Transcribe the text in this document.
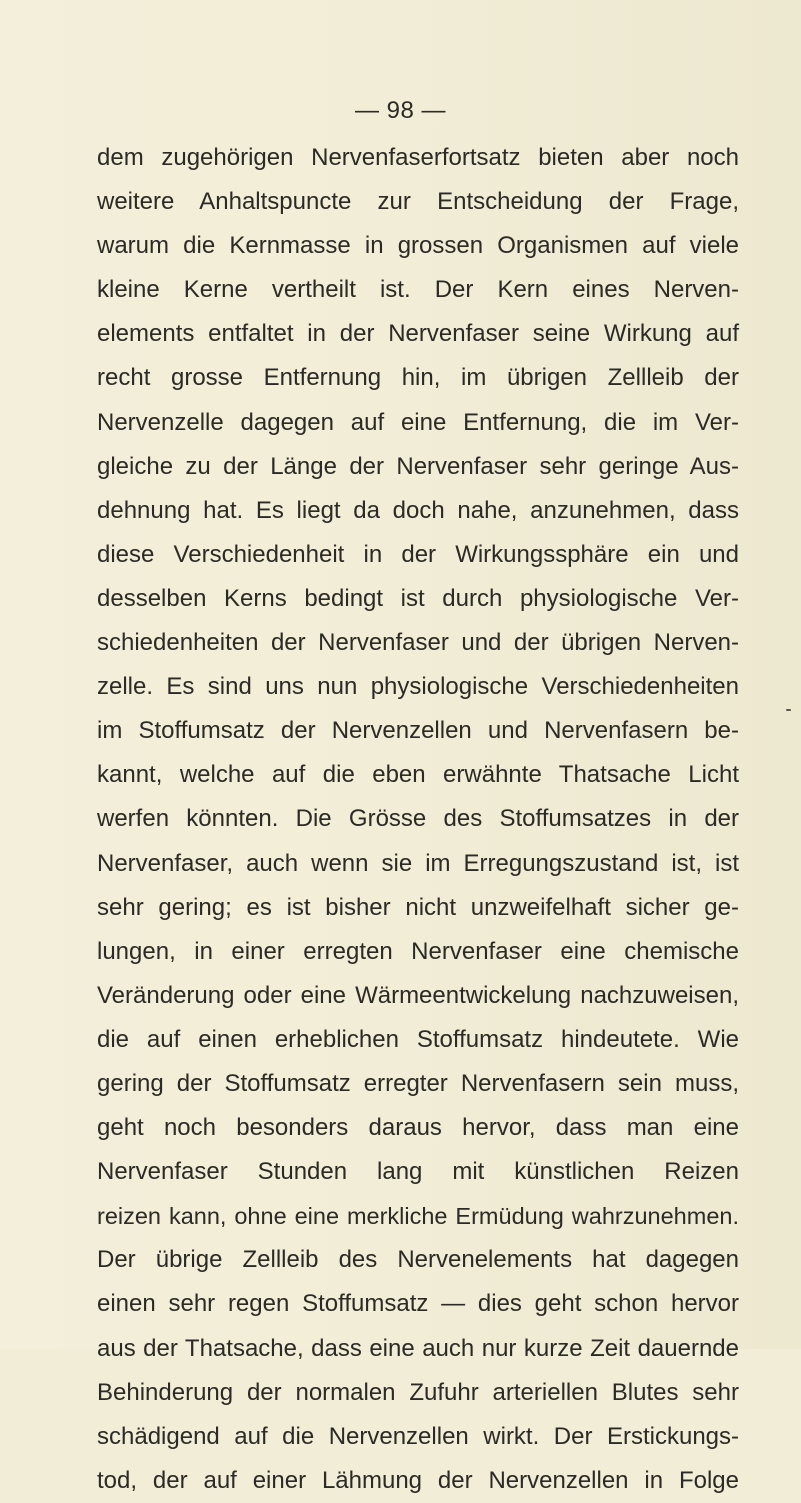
— 98 —
dem zugehörigen Nervenfaserfortsatz bieten aber noch
weitere Anhaltspuncte zur Entscheidung der Frage,
warum die Kernmasse in grossen Organismen auf viele
kleine Kerne vertheilt ist. Der Kern eines Nerven-
elements entfaltet in der Nervenfaser seine Wirkung auf
recht grosse Entfernung hin, im übrigen Zellleib der
Nervenzelle dagegen auf eine Entfernung, die im Ver-
gleiche zu der Länge der Nervenfaser sehr geringe Aus-
dehnung hat. Es liegt da doch nahe, anzunehmen, dass
diese Verschiedenheit in der Wirkungssphäre ein und
desselben Kerns bedingt ist durch physiologische Ver-
schiedenheiten der Nervenfaser und der übrigen Nerven-
zelle. Es sind uns nun physiologische Verschiedenheiten
im Stoffumsatz der Nervenzellen und Nervenfasern be-
kannt, welche auf die eben erwähnte Thatsache Licht
werfen könnten. Die Grösse des Stoffumsatzes in der
Nervenfaser, auch wenn sie im Erregungszustand ist, ist
sehr gering; es ist bisher nicht unzweifelhaft sicher ge-
lungen, in einer erregten Nervenfaser eine chemische
Veränderung oder eine Wärmeentwickelung nachzuweisen,
die auf einen erheblichen Stoffumsatz hindeutete. Wie
gering der Stoffumsatz erregter Nervenfasern sein muss,
geht noch besonders daraus hervor, dass man eine
Nervenfaser Stunden lang mit künstlichen Reizen
reizen kann, ohne eine merkliche Ermüdung wahrzunehmen.
Der übrige Zellleib des Nervenelements hat dagegen
einen sehr regen Stoffumsatz — dies geht schon hervor
aus der Thatsache, dass eine auch nur kurze Zeit dauernde
Behinderung der normalen Zufuhr arteriellen Blutes sehr
schädigend auf die Nervenzellen wirkt. Der Erstickungs-
tod, der auf einer Lähmung der Nervenzellen in Folge
